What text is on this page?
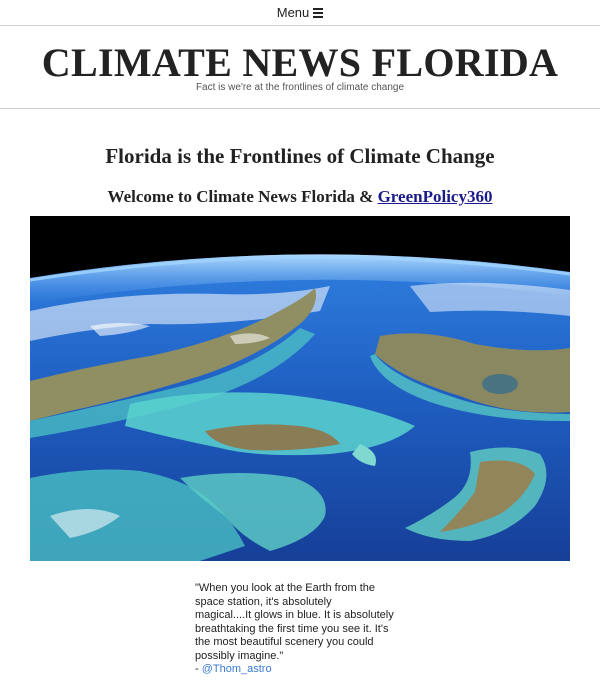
Menu
CLIMATE NEWS FLORIDA
Fact is we're at the frontlines of climate change
Florida is the Frontlines of Climate Change
Welcome to Climate News Florida & GreenPolicy360
"When you look at the Earth from the
space station, it's absolutely
magical....It glows in blue. It is absolutely
breathtaking the first time you see it. It's
the most beautiful scenery you could
possibly imagine."
- @Thom_astro
